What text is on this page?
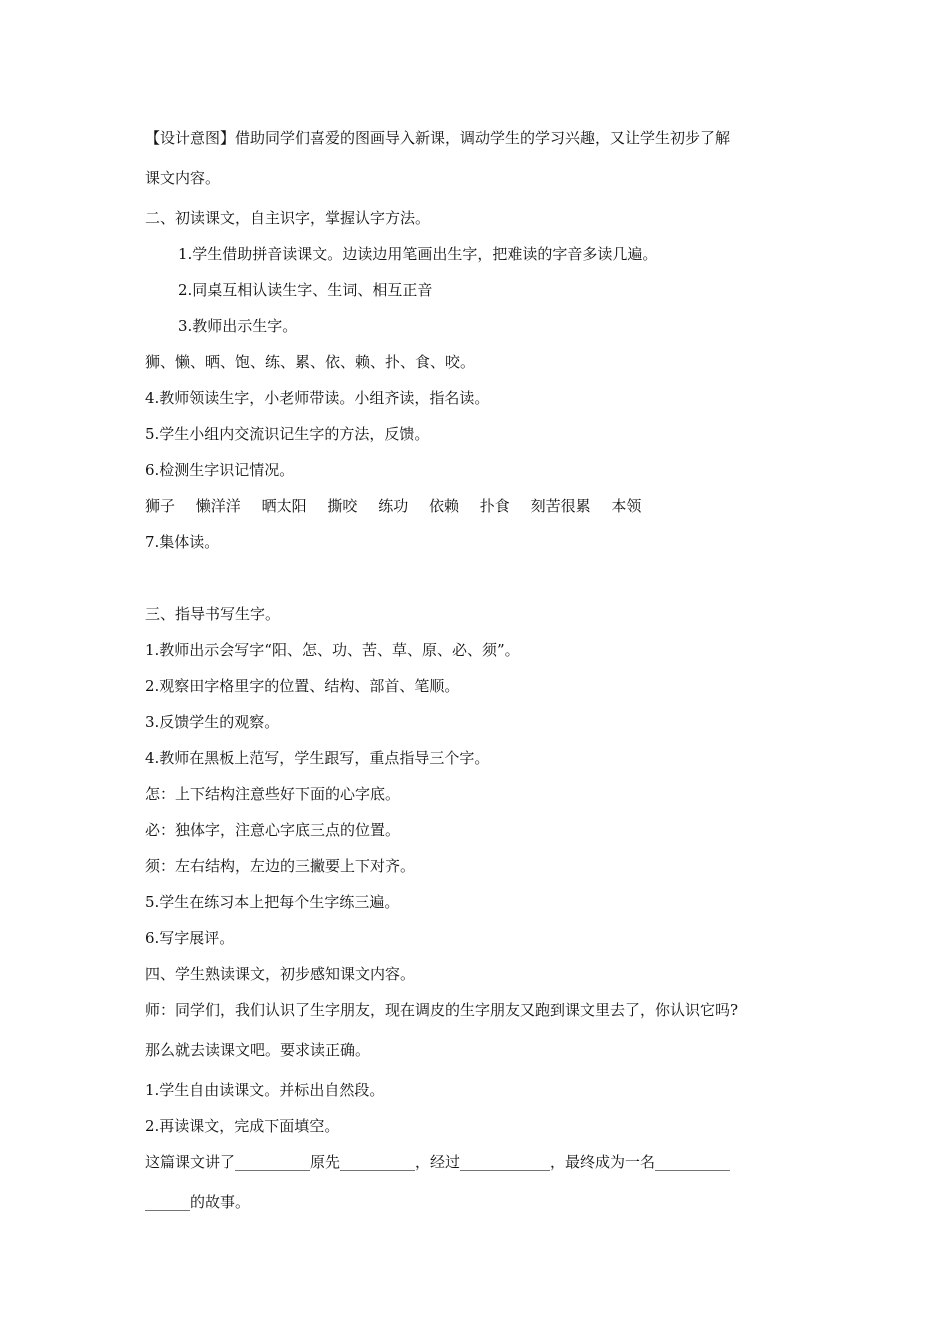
【设计意图】借助同学们喜爱的图画导入新课，调动学生的学习兴趣，又让学生初步了解
课文内容。
二、初读课文，自主识字，掌握认字方法。
1.学生借助拼音读课文。边读边用笔画出生字，把难读的字音多读几遍。
2.同桌互相认读生字、生词、相互正音
3.教师出示生字。
狮、懒、晒、饱、练、累、依、赖、扑、食、咬。
4.教师领读生字，小老师带读。小组齐读，指名读。
5.学生小组内交流识记生字的方法，反馈。
6.检测生字识记情况。
狮子 懒洋洋 晒太阳 撕咬 练功 依赖 扑食 刻苦很累 本领
7.集体读。
三、指导书写生字。
1.教师出示会写字“阳、怎、功、苦、草、原、必、须”。
2.观察田字格里字的位置、结构、部首、笔顺。
3.反馈学生的观察。
4.教师在黑板上范写，学生跟写，重点指导三个字。
怎：上下结构注意些好下面的心字底。
必：独体字，注意心字底三点的位置。
须：左右结构，左边的三撇要上下对齐。
5.学生在练习本上把每个生字练三遍。
6.写字展评。
四、学生熟读课文，初步感知课文内容。
师：同学们，我们认识了生字朋友，现在调皮的生字朋友又跑到课文里去了，你认识它吗?
那么就去读课文吧。要求读正确。
1.学生自由读课文。并标出自然段。
2.再读课文，完成下面填空。
这篇课文讲了__________原先__________，经过____________，最终成为一名__________
______的故事。
